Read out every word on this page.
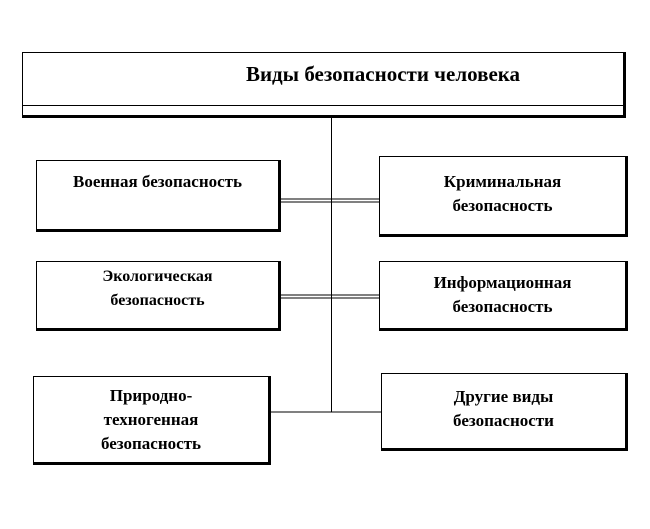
Виды безопасности человека
Военная безопасность
Экологическая безопасность
Природно-техногенная безопасность
Криминальная безопасность
Информационная безопасность
Другие виды безопасности
